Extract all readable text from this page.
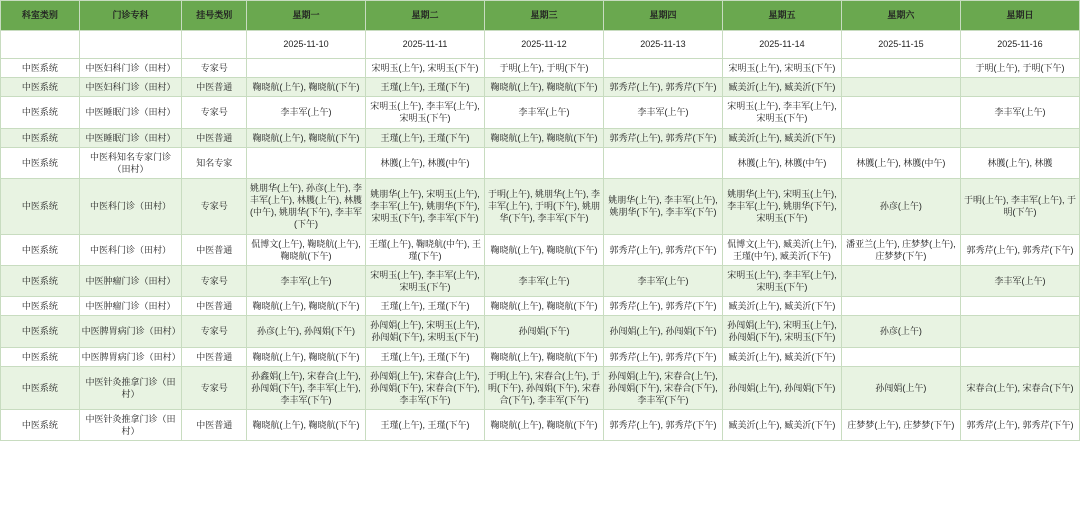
科室类别	门诊专科	挂号类别	星期一	星期二	星期三	星期四	星期五	星期六	星期日
			2025-11-10	2025-11-11	2025-11-12	2025-11-13	2025-11-14	2025-11-15	2025-11-16
中医系统	中医妇科门诊（田村）	专家号		宋明玉(上午), 宋明玉(下午)	于明(上午), 于明(下午)		宋明玉(上午), 宋明玉(下午)		于明(上午), 于明(下午)
中医系统	中医妇科门诊（田村）	中医普通	鞠晓航(上午), 鞠晓航(下午)	王瑾(上午), 王瑾(下午)	鞠晓航(上午), 鞠晓航(下午)	郭秀芹(上午), 郭秀芹(下午)	臧美沂(上午), 臧美沂(下午)		
中医系统	中医睡眠门诊（田村）	专家号	李丰军(上午)	宋明玉(上午), 李丰军(上午), 宋明玉(下午)	李丰军(上午)	李丰军(上午)	宋明玉(上午), 李丰军(上午), 宋明玉(下午)		李丰军(上午)
中医系统	中医睡眠门诊（田村）	中医普通	鞠晓航(上午), 鞠晓航(下午)	王瑾(上午), 王瑾(下午)	鞠晓航(上午), 鞠晓航(下午)	郭秀芹(上午), 郭秀芹(下午)	臧美沂(上午), 臧美沂(下午)		
中医系统	中医科知名专家门诊（田村）	知名专家		林臒(上午), 林臒(中午)			林臒(上午), 林臒(中午)	林臒(上午), 林臒(中午)	林臒(上午), 林臒
中医系统	中医科门诊（田村）	专家号	姚朋华(上午), 孙彦(上午), 李丰军(上午), 林臒(上午), 林臒(中午), 姚朋华(下午), 李丰军(下午)	姚朋华(上午), 宋明玉(上午), 李丰军(上午), 姚朋华(下午), 宋明玉(下午), 李丰军(下午)	于明(上午), 姚朋华(上午), 李丰军(上午), 于明(下午), 姚朋华(下午), 李丰军(下午)	姚朋华(上午), 李丰军(上午), 姚朋华(下午), 李丰军(下午)	姚朋华(上午), 宋明玉(上午), 李丰军(上午), 姚朋华(下午), 宋明玉(下午)	孙彦(上午)	于明(上午), 李丰军(上午), 于明(下午)
中医系统	中医科门诊（田村）	中医普通	侃博文(上午), 鞠晓航(上午), 鞠晓航(下午)	王瑾(上午), 鞠晓航(中午), 王瑾(下午)	鞠晓航(上午), 鞠晓航(下午)	郭秀芹(上午), 郭秀芹(下午)	侃博文(上午), 臧美沂(上午), 王瑾(中午), 臧美沂(下午)	潘亚兰(上午), 庄梦梦(上午), 庄梦梦(下午)	郭秀芹(上午), 郭秀芹(下午)
中医系统	中医肿瘤门诊（田村）	专家号	李丰军(上午)	宋明玉(上午), 李丰军(上午), 宋明玉(下午)	李丰军(上午)	李丰军(上午)	宋明玉(上午), 李丰军(上午), 宋明玉(下午)		李丰军(上午)
中医系统	中医肿瘤门诊（田村）	中医普通	鞠晓航(上午), 鞠晓航(下午)	王瑾(上午), 王瑾(下午)	鞠晓航(上午), 鞠晓航(下午)	郭秀芹(上午), 郭秀芹(下午)	臧美沂(上午), 臧美沂(下午)		
中医系统	中医脾胃病门诊（田村）	专家号	孙彦(上午), 孙闯娟(下午)	孙闯娟(上午), 宋明玉(上午), 孙闯娟(下午), 宋明玉(下午)	孙闯娟(下午)	孙闯娟(上午), 孙闯娟(下午)	孙闯娟(上午), 宋明玉(上午), 孙闯娟(下午), 宋明玉(下午)	孙彦(上午)	
中医系统	中医脾胃病门诊（田村）	中医普通	鞠晓航(上午), 鞠晓航(下午)	王瑾(上午), 王瑾(下午)	鞠晓航(上午), 鞠晓航(下午)	郭秀芹(上午), 郭秀芹(下午)	臧美沂(上午), 臧美沂(下午)		
中医系统	中医针灸推拿门诊（田村）	专家号	孙鑫娟(上午), 宋春合(上午), 孙闯娟(下午), 李丰军(上午), 李丰军(下午)	孙闯娟(上午), 宋春合(上午), 孙闯娟(下午), 宋春合(下午), 李丰军(下午)	于明(上午), 宋春合(上午), 于明(下午), 孙闯娟(下午), 宋春合(下午), 李丰军(下午)	孙闯娟(上午), 宋春合(上午), 孙闯娟(下午), 宋春合(下午), 李丰军(下午)	孙闯娟(上午), 孙闯娟(下午)	孙闯娟(上午)	宋春合(上午), 宋春合(下午)
中医系统	中医针灸推拿门诊（田村）	中医普通	鞠晓航(上午), 鞠晓航(下午)	王瑾(上午), 王瑾(下午)	鞠晓航(上午), 鞠晓航(下午)	郭秀芹(上午), 郭秀芹(下午)	臧美沂(上午), 臧美沂(下午)	庄梦梦(上午), 庄梦梦(下午)	郭秀芹(上午), 郭秀芹(下午)
